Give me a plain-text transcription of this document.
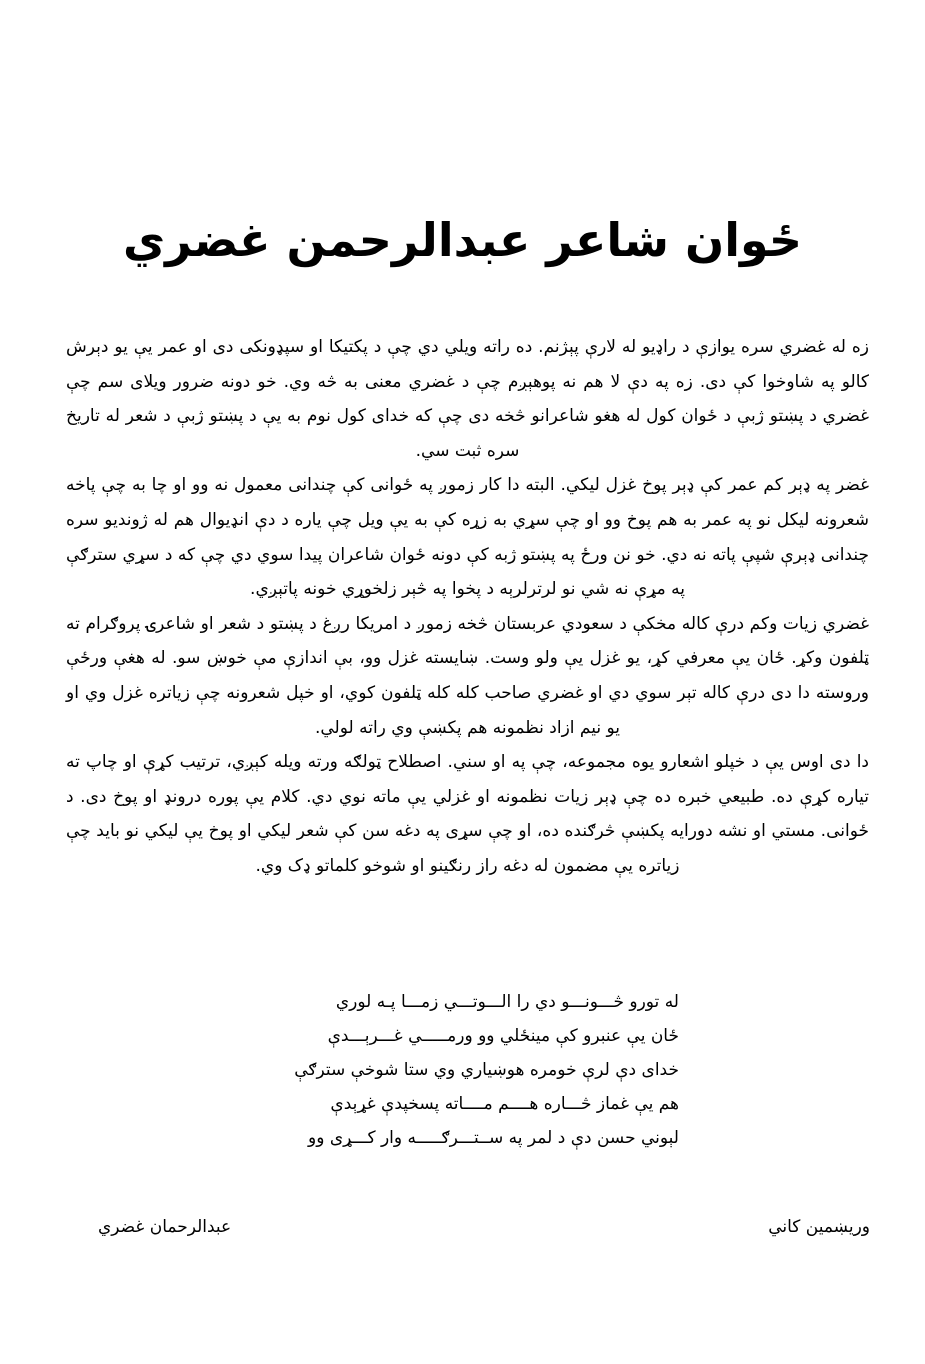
ځوان شاعر عبدالرحمن غضري

زه له غضري سره يوازې د راډيو له لارې پېژنم. ده راته ويلي دي چې د پکتيکا او سپډونکی دی او عمر يې يو دېرش کالو په شاوخوا کې دی. زه په دې لا هم نه پوهېږم چې د غضري معنی به څه وي. خو دونه ضرور ويلای سم چې غضري د پښتو ژبې د ځوان کول له هغو شاعرانو څخه دی چې که خدای کول نوم به يې د پښتو ژبې د شعر له تاريخ سره ثبت سي.

غضر په ډېر کم عمر کې ډېر پوخ غزل ليکي. البته دا کار زموږ په ځوانی کې چندانی معمول نه وو او چا به چې پاخه شعرونه ليکل نو په عمر به هم پوخ وو او چې سړي به زړه کې به يې ويل چې ياره د دې انډيوال هم له ژونديو سره چندانی ډېرې شپې پاته نه دي. خو نن ورځ په پښتو ژبه کې دونه ځوان شاعران پيدا سوي دي چې که د سړي سترګې په مړې نه شي نو لرترلرېه د پخوا په څېر زلخوړي خونه پاتېږي.

غضري زيات وکم درې کاله مخکې د سعودي عربستان څخه زموږ د امريکا رږغ د پښتو د شعر او شاعرۍ پروګرام ته ټلفون وکړ. ځان يې معرفي کړ، يو غزل يې ولو وست. ښايسته غزل وو، بې اندازې مې خوښ سو. له هغې ورځې وروسته دا دی درې کاله تېر سوي دي او غضري صاحب کله کله ټلفون کوي، او خپل شعرونه چې زياتره غزل وي او يو نيم ازاد نظمونه هم پکښې وي راته لولي.

دا دی اوس يې د خپلو اشعارو يوه مجموعه، چې په او سني. اصطلاح ټولګه ورته ويله کېږي، ترتيب کړې او چاپ ته تياره کړې ده. طبيعي خبره ده چې ډېر زيات نظمونه او غزلي يې ماته نوي دي. کلام يې پوره درونډ او پوخ دی. د ځوانی. مستي او نشه دورايه پکښې څرګنده ده، او چې سړی په دغه سن کې شعر ليکي او پوخ يې ليکي نو بايد چې زياتره يې مضمون له دغه راز رنګينو او شوخو کلماتو ډک وي.

له تورو څـــونـــو دي را الـــوتـــي زمـــا پـه لوري
ځان يې عنبرو کې مينځلي وو ورمـــــي غـــرېـــدې
خدای دې لرې خومره هوښياري وي ستا شوخې سترګې
هم يې غماز څـــاره هــــم مــــاته پسخپدې غړېدې
لېوني حسن دې د لمر په ســتـــرګـــــه وار کـــړی وو
وريښمين کاني
عبدالرحمان غضري
